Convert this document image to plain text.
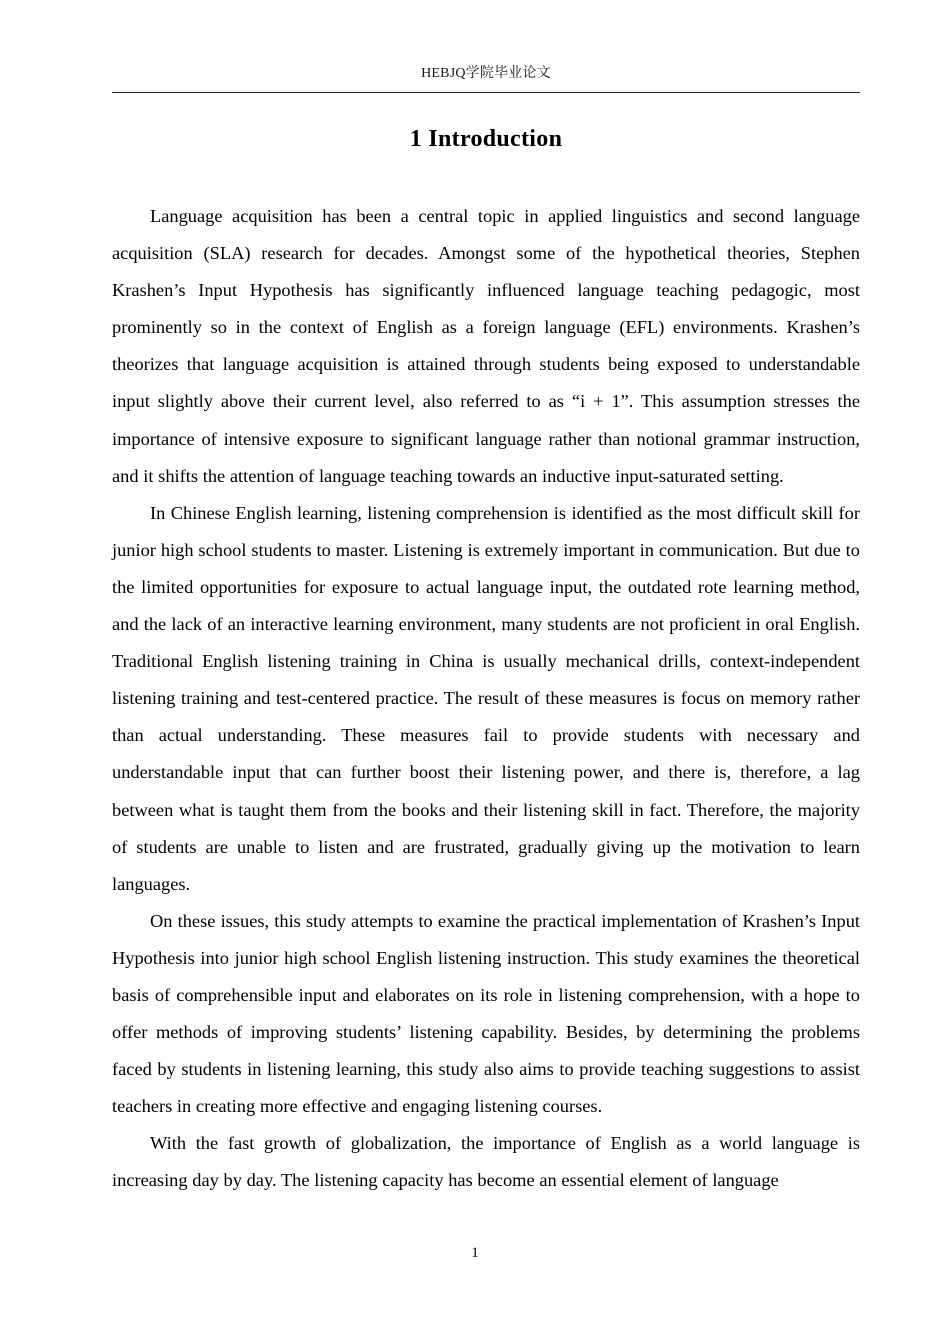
HEBJQ学院毕业论文
1 Introduction

Language acquisition has been a central topic in applied linguistics and second language acquisition (SLA) research for decades. Amongst some of the hypothetical theories, Stephen Krashen’s Input Hypothesis has significantly influenced language teaching pedagogic, most prominently so in the context of English as a foreign language (EFL) environments. Krashen’s theorizes that language acquisition is attained through students being exposed to understandable input slightly above their current level, also referred to as “i + 1”. This assumption stresses the importance of intensive exposure to significant language rather than notional grammar instruction, and it shifts the attention of language teaching towards an inductive input-saturated setting.

In Chinese English learning, listening comprehension is identified as the most difficult skill for junior high school students to master. Listening is extremely important in communication. But due to the limited opportunities for exposure to actual language input, the outdated rote learning method, and the lack of an interactive learning environment, many students are not proficient in oral English. Traditional English listening training in China is usually mechanical drills, context-independent listening training and test-centered practice. The result of these measures is focus on memory rather than actual understanding. These measures fail to provide students with necessary and understandable input that can further boost their listening power, and there is, therefore, a lag between what is taught them from the books and their listening skill in fact. Therefore, the majority of students are unable to listen and are frustrated, gradually giving up the motivation to learn languages.

On these issues, this study attempts to examine the practical implementation of Krashen’s Input Hypothesis into junior high school English listening instruction. This study examines the theoretical basis of comprehensible input and elaborates on its role in listening comprehension, with a hope to offer methods of improving students’ listening capability. Besides, by determining the problems faced by students in listening learning, this study also aims to provide teaching suggestions to assist teachers in creating more effective and engaging listening courses.

With the fast growth of globalization, the importance of English as a world language is increasing day by day. The listening capacity has become an essential element of language

1
